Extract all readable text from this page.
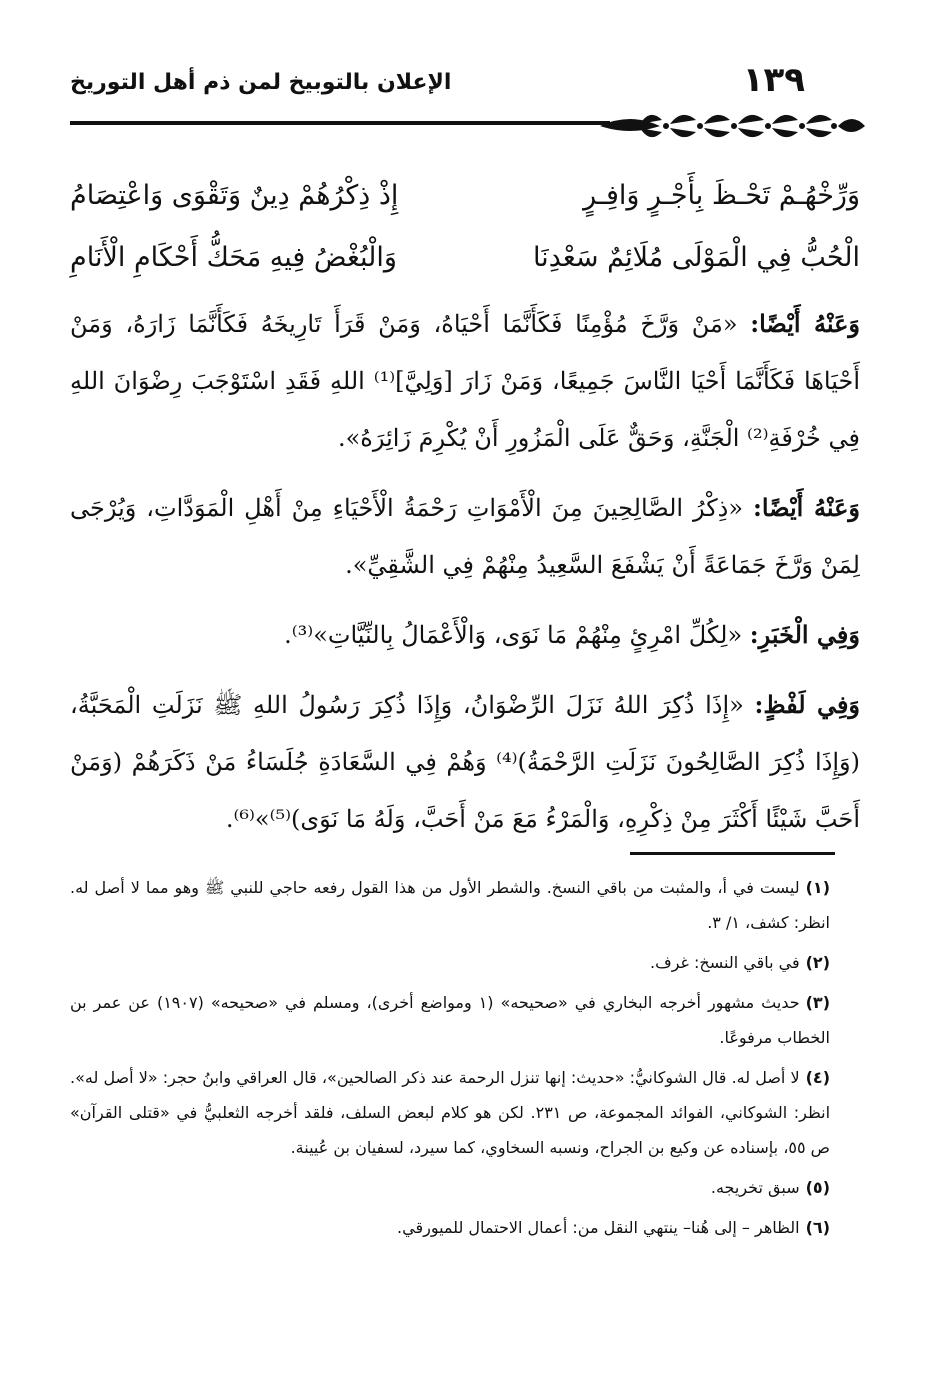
١٣٩
الإعلان بالتوبيخ لمن ذم أهل التوريخ
وَرِّخْهُـمْ تَحْـظَ بِأَجْـرٍ وَافِـرٍ
إِذْ ذِكْرُهُمْ دِينٌ وَتَقْوَى وَاعْتِصَامُ
الْحُبُّ فِي الْمَوْلَى مُلَائِمٌ سَعْدِنَا
وَالْبُغْضُ فِيهِ مَحَكُّ أَحْكَامِ الْأَنَامِ

وَعَنْهُ أَيْضًا: «مَنْ وَرَّخَ مُؤْمِنًا فَكَأَنَّمَا أَحْيَاهُ، وَمَنْ قَرَأَ تَارِيخَهُ فَكَأَنَّمَا زَارَهُ، وَمَنْ أَحْيَاهَا فَكَأَنَّمَا أَحْيَا النَّاسَ جَمِيعًا، وَمَنْ زَارَ [وَلِيَّ]⁽¹⁾ اللهِ فَقَدِ اسْتَوْجَبَ رِضْوَانَ اللهِ فِي خُرْفَةِ⁽²⁾ الْجَنَّةِ، وَحَقٌّ عَلَى الْمَزُورِ أَنْ يُكْرِمَ زَائِرَهُ».

وَعَنْهُ أَيْضًا: «ذِكْرُ الصَّالِحِينَ مِنَ الْأَمْوَاتِ رَحْمَةُ الْأَحْيَاءِ مِنْ أَهْلِ الْمَوَدَّاتِ، وَيُرْجَى لِمَنْ وَرَّخَ جَمَاعَةً أَنْ يَشْفَعَ السَّعِيدُ مِنْهُمْ فِي الشَّقِيِّ».

وَفِي الْخَبَرِ: «لِكُلِّ امْرِئٍ مِنْهُمْ مَا نَوَى، وَالْأَعْمَالُ بِالنِّيَّاتِ»⁽³⁾.

وَفِي لَفْظٍ: «إِذَا ذُكِرَ اللهُ نَزَلَ الرِّضْوَانُ، وَإِذَا ذُكِرَ رَسُولُ اللهِ ﷺ نَزَلَتِ الْمَحَبَّةُ، (وَإِذَا ذُكِرَ الصَّالِحُونَ نَزَلَتِ الرَّحْمَةُ)⁽⁴⁾ وَهُمْ فِي السَّعَادَةِ جُلَسَاءُ مَنْ ذَكَرَهُمْ (وَمَنْ أَحَبَّ شَيْئًا أَكْثَرَ مِنْ ذِكْرِهِ، وَالْمَرْءُ مَعَ مَنْ أَحَبَّ، وَلَهُ مَا نَوَى)⁽⁵⁾»⁽⁶⁾.

(١)ليست في أ، والمثبت من باقي النسخ. والشطر الأول من هذا القول رفعه حاجي للنبي ﷺ وهو مما لا أصل له. انظر: كشف، ١/ ٣.

(٢)في باقي النسخ: غرف.

(٣)حديث مشهور أخرجه البخاري في «صحيحه» (١ ومواضع أخرى)، ومسلم في «صحيحه» (١٩٠٧) عن عمر بن الخطاب مرفوعًا.

(٤)لا أصل له. قال الشوكانيُّ: «حديث: إنها تنزل الرحمة عند ذكر الصالحين»، قال العراقي وابنُ حجر: «لا أصل له». انظر: الشوكاني، الفوائد المجموعة، ص ٢٣١. لكن هو كلام لبعض السلف، فلقد أخرجه الثعلبيُّ في «قتلى القرآن» ص ٥٥، بإسناده عن وكيع بن الجراح، ونسبه السخاوي، كما سيرد، لسفيان بن عُيينة.

(٥)سبق تخريجه.

(٦)الظاهر – إلى هُنا– ينتهي النقل من: أعمال الاحتمال للميورقي.
